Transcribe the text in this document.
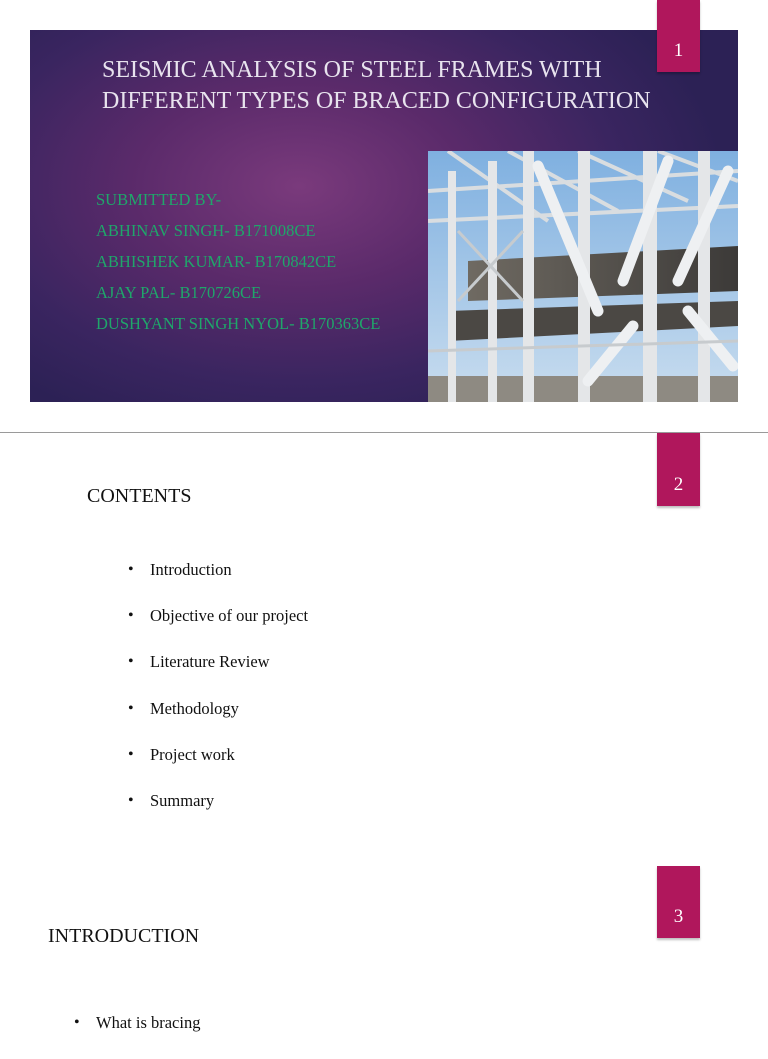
SEISMIC ANALYSIS OF STEEL FRAMES WITH DIFFERENT TYPES OF BRACED CONFIGURATION
SUBMITTED BY-
ABHINAV SINGH- B171008CE
ABHISHEK KUMAR- B170842CE
AJAY PAL- B170726CE
DUSHYANT SINGH NYOL- B170363CE
1
2
CONTENTS
• Introduction
• Objective of our project
• Literature Review
• Methodology
• Project work
• Summary
3
INTRODUCTION
• What is bracing
